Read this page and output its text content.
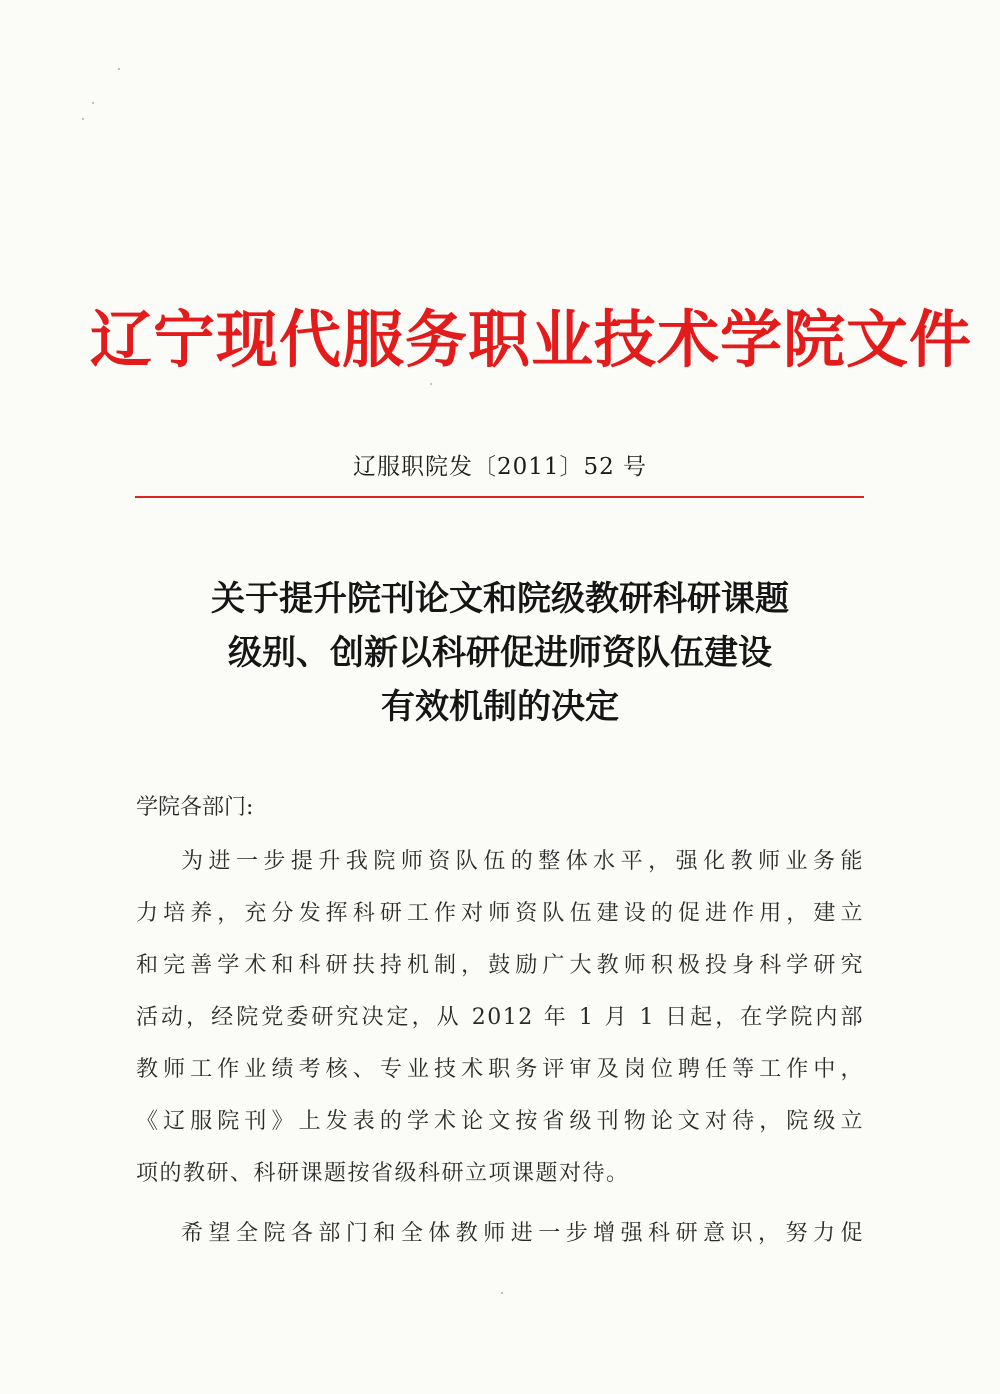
辽宁现代服务职业技术学院文件
辽服职院发〔2011〕52 号
关于提升院刊论文和院级教研科研课题
级别、创新以科研促进师资队伍建设
有效机制的决定
学院各部门:
为进一步提升我院师资队伍的整体水平，强化教师业务能
力培养，充分发挥科研工作对师资队伍建设的促进作用，建立
和完善学术和科研扶持机制，鼓励广大教师积极投身科学研究
活动，经院党委研究决定，从 2012 年 1 月 1 日起，在学院内部
教师工作业绩考核、专业技术职务评审及岗位聘任等工作中，
《辽服院刊》上发表的学术论文按省级刊物论文对待，院级立
项的教研、科研课题按省级科研立项课题对待。
希望全院各部门和全体教师进一步增强科研意识，努力促
